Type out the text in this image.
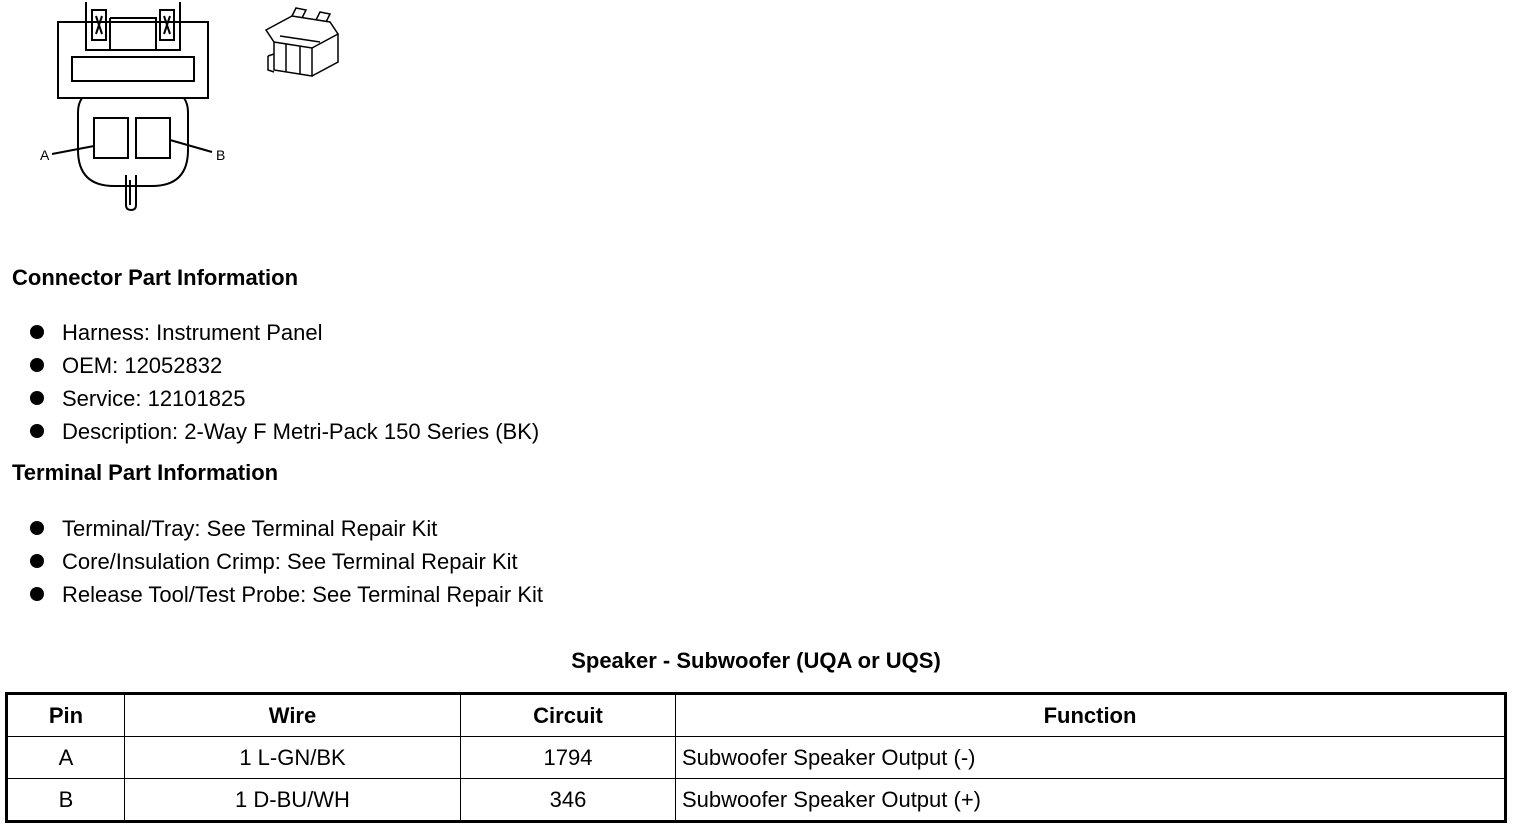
A	B
Connector Part Information
Harness: Instrument Panel
OEM: 12052832
Service: 12101825
Description: 2-Way F Metri-Pack 150 Series (BK)
Terminal Part Information
Terminal/Tray: See Terminal Repair Kit
Core/Insulation Crimp: See Terminal Repair Kit
Release Tool/Test Probe: See Terminal Repair Kit
Speaker - Subwoofer (UQA or UQS)
Pin	Wire	Circuit	Function
A	1 L-GN/BK	1794	Subwoofer Speaker Output (-)
B	1 D-BU/WH	346	Subwoofer Speaker Output (+)
